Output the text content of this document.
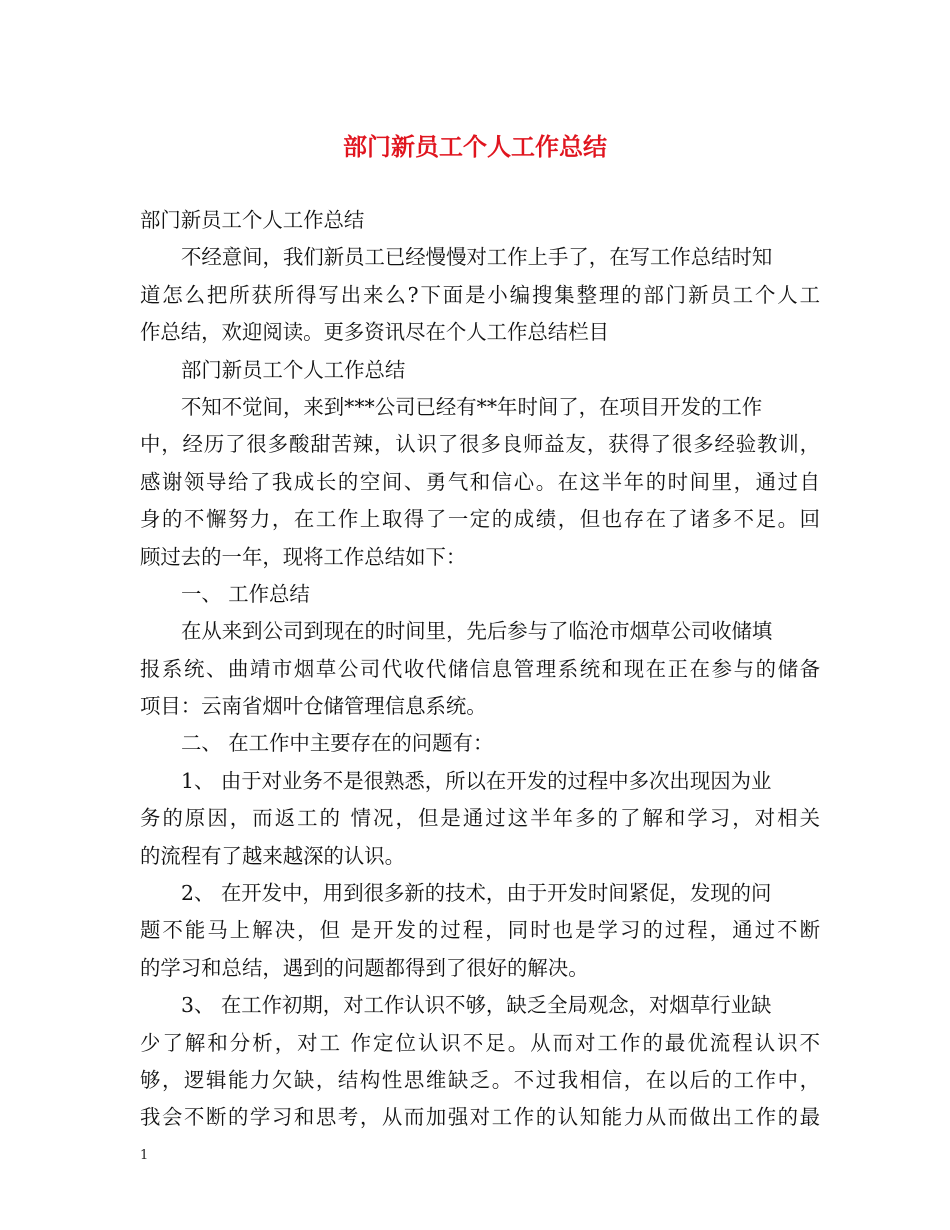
部门新员工个人工作总结
部门新员工个人工作总结
不经意间，我们新员工已经慢慢对工作上手了，在写工作总结时知
道怎么把所获所得写出来么?下面是小编搜集整理的部门新员工个人工
作总结，欢迎阅读。更多资讯尽在个人工作总结栏目
部门新员工个人工作总结
不知不觉间，来到***公司已经有**年时间了，在项目开发的工作
中，经历了很多酸甜苦辣，认识了很多良师益友，获得了很多经验教训，
感谢领导给了我成长的空间、勇气和信心。在这半年的时间里，通过自
身的不懈努力，在工作上取得了一定的成绩，但也存在了诸多不足。回
顾过去的一年，现将工作总结如下：
一、 工作总结
在从来到公司到现在的时间里，先后参与了临沧市烟草公司收储填
报系统、曲靖市烟草公司代收代储信息管理系统和现在正在参与的储备
项目：云南省烟叶仓储管理信息系统。
二、 在工作中主要存在的问题有：
1、 由于对业务不是很熟悉，所以在开发的过程中多次出现因为业
务的原因，而返工的 情况，但是通过这半年多的了解和学习，对相关
的流程有了越来越深的认识。
2、 在开发中，用到很多新的技术，由于开发时间紧促，发现的问
题不能马上解决，但 是开发的过程，同时也是学习的过程，通过不断
的学习和总结，遇到的问题都得到了很好的解决。
3、 在工作初期，对工作认识不够，缺乏全局观念，对烟草行业缺
少了解和分析，对工 作定位认识不足。从而对工作的最优流程认识不
够，逻辑能力欠缺，结构性思维缺乏。不过我相信，在以后的工作中，
我会不断的学习和思考，从而加强对工作的认知能力从而做出工作的最
1
